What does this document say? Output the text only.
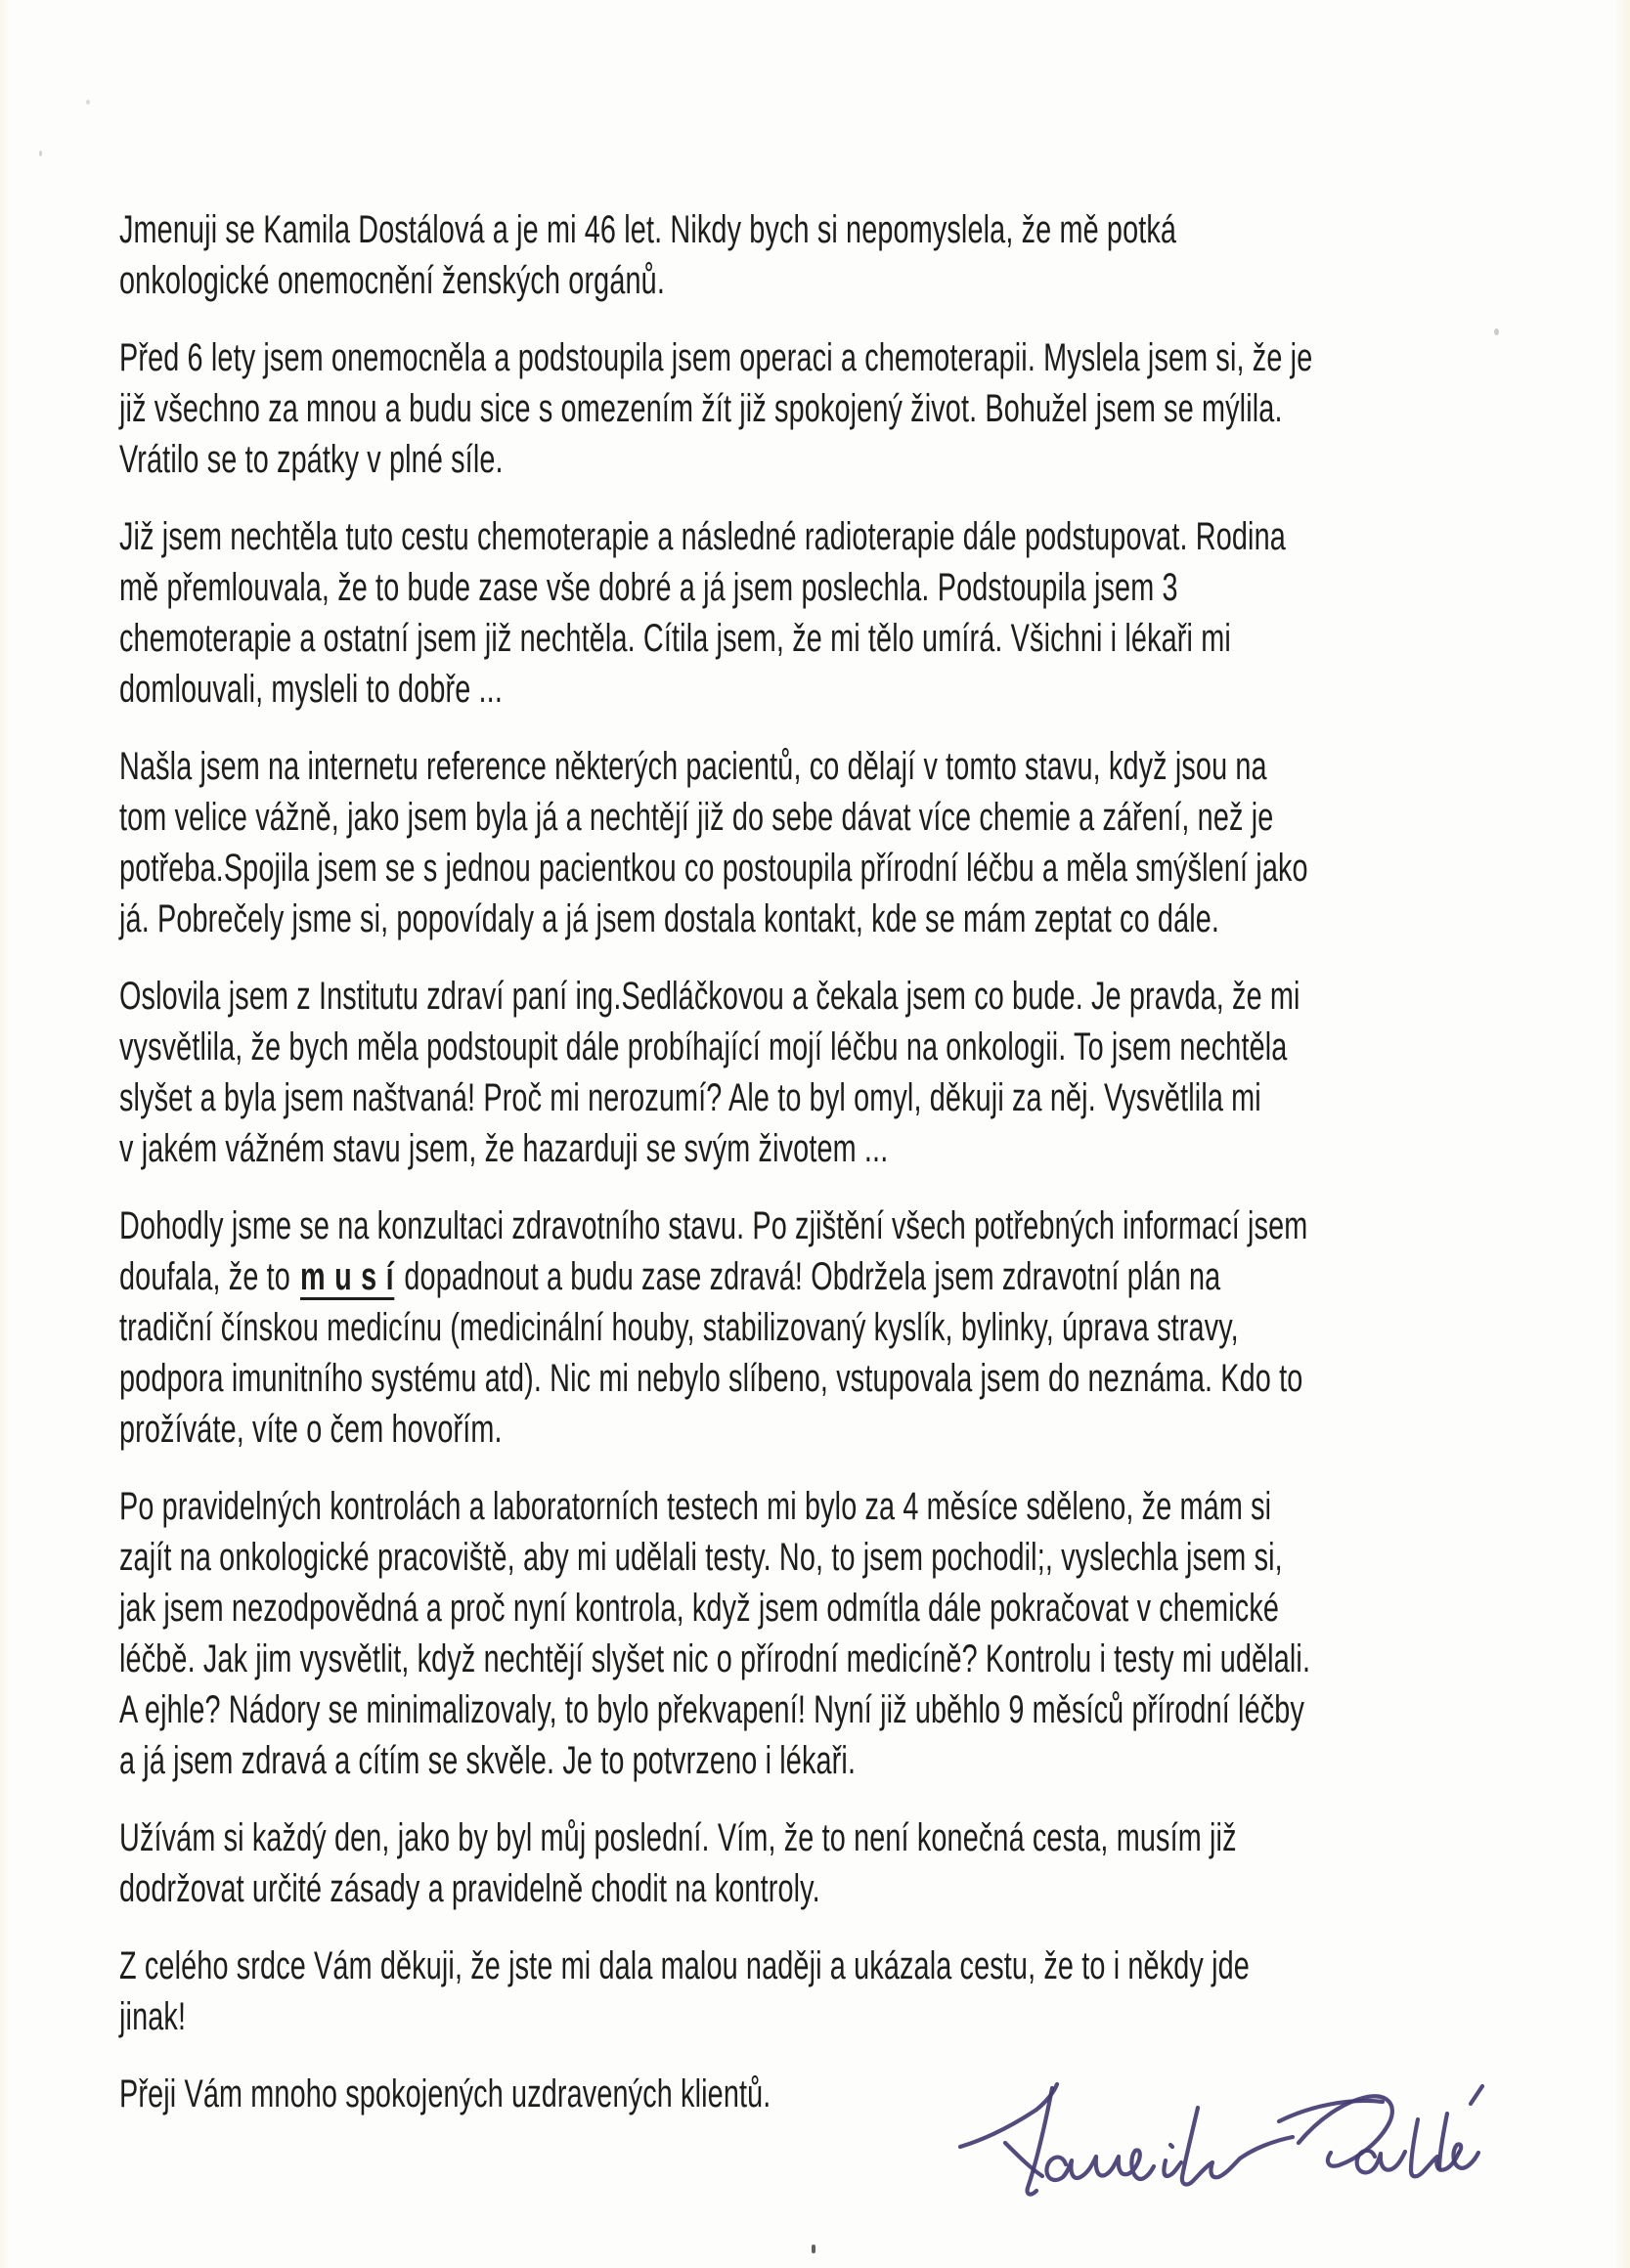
Jmenuji se Kamila Dostálová a je mi 46 let. Nikdy bych si nepomyslela, že mě potká
onkologické onemocnění ženských orgánů.
Před 6 lety jsem onemocněla a podstoupila jsem operaci a chemoterapii. Myslela jsem si, že je
již všechno za mnou a budu sice s omezením žít již spokojený život. Bohužel jsem se mýlila.
Vrátilo se to zpátky v plné síle.
Již jsem nechtěla tuto cestu chemoterapie a následné radioterapie dále podstupovat. Rodina
mě přemlouvala, že to bude zase vše dobré a já jsem poslechla. Podstoupila jsem 3
chemoterapie a ostatní jsem již nechtěla. Cítila jsem, že mi tělo umírá. Všichni i lékaři mi
domlouvali, mysleli to dobře ...
Našla jsem na internetu reference některých pacientů, co dělají v tomto stavu, když jsou na
tom velice vážně, jako jsem byla já a nechtějí již do sebe dávat více chemie a záření, než je
potřeba.Spojila jsem se s jednou pacientkou co postoupila přírodní léčbu a měla smýšlení jako
já. Pobrečely jsme si, popovídaly a já jsem dostala kontakt, kde se mám zeptat co dále.
Oslovila jsem z Institutu zdraví paní ing.Sedláčkovou a čekala jsem co bude. Je pravda, že mi
vysvětlila, že bych měla podstoupit dále probíhající mojí léčbu na onkologii. To jsem nechtěla
slyšet a byla jsem naštvaná! Proč mi nerozumí? Ale to byl omyl, děkuji za něj. Vysvětlila mi
v jakém vážném stavu jsem, že hazarduji se svým životem ...
Dohodly jsme se na konzultaci zdravotního stavu. Po zjištění všech potřebných informací jsem
doufala, že to m u s í dopadnout a budu zase zdravá! Obdržela jsem zdravotní plán na
tradiční čínskou medicínu (medicinální houby, stabilizovaný kyslík, bylinky, úprava stravy,
podpora imunitního systému atd). Nic mi nebylo slíbeno, vstupovala jsem do neznáma. Kdo to
prožíváte, víte o čem hovořím.
Po pravidelných kontrolách a laboratorních testech mi bylo za 4 měsíce sděleno, že mám si
zajít na onkologické pracoviště, aby mi udělali testy. No, to jsem pochodil;, vyslechla jsem si,
jak jsem nezodpovědná a proč nyní kontrola, když jsem odmítla dále pokračovat v chemické
léčbě. Jak jim vysvětlit, když nechtějí slyšet nic o přírodní medicíně? Kontrolu i testy mi udělali.
A ejhle? Nádory se minimalizovaly, to bylo překvapení! Nyní již uběhlo 9 měsíců přírodní léčby
a já jsem zdravá a cítím se skvěle. Je to potvrzeno i lékaři.
Užívám si každý den, jako by byl můj poslední. Vím, že to není konečná cesta, musím již
dodržovat určité zásady a pravidelně chodit na kontroly.
Z celého srdce Vám děkuji, že jste mi dala malou naději a ukázala cestu, že to i někdy jde
jinak!
Přeji Vám mnoho spokojených uzdravených klientů.
